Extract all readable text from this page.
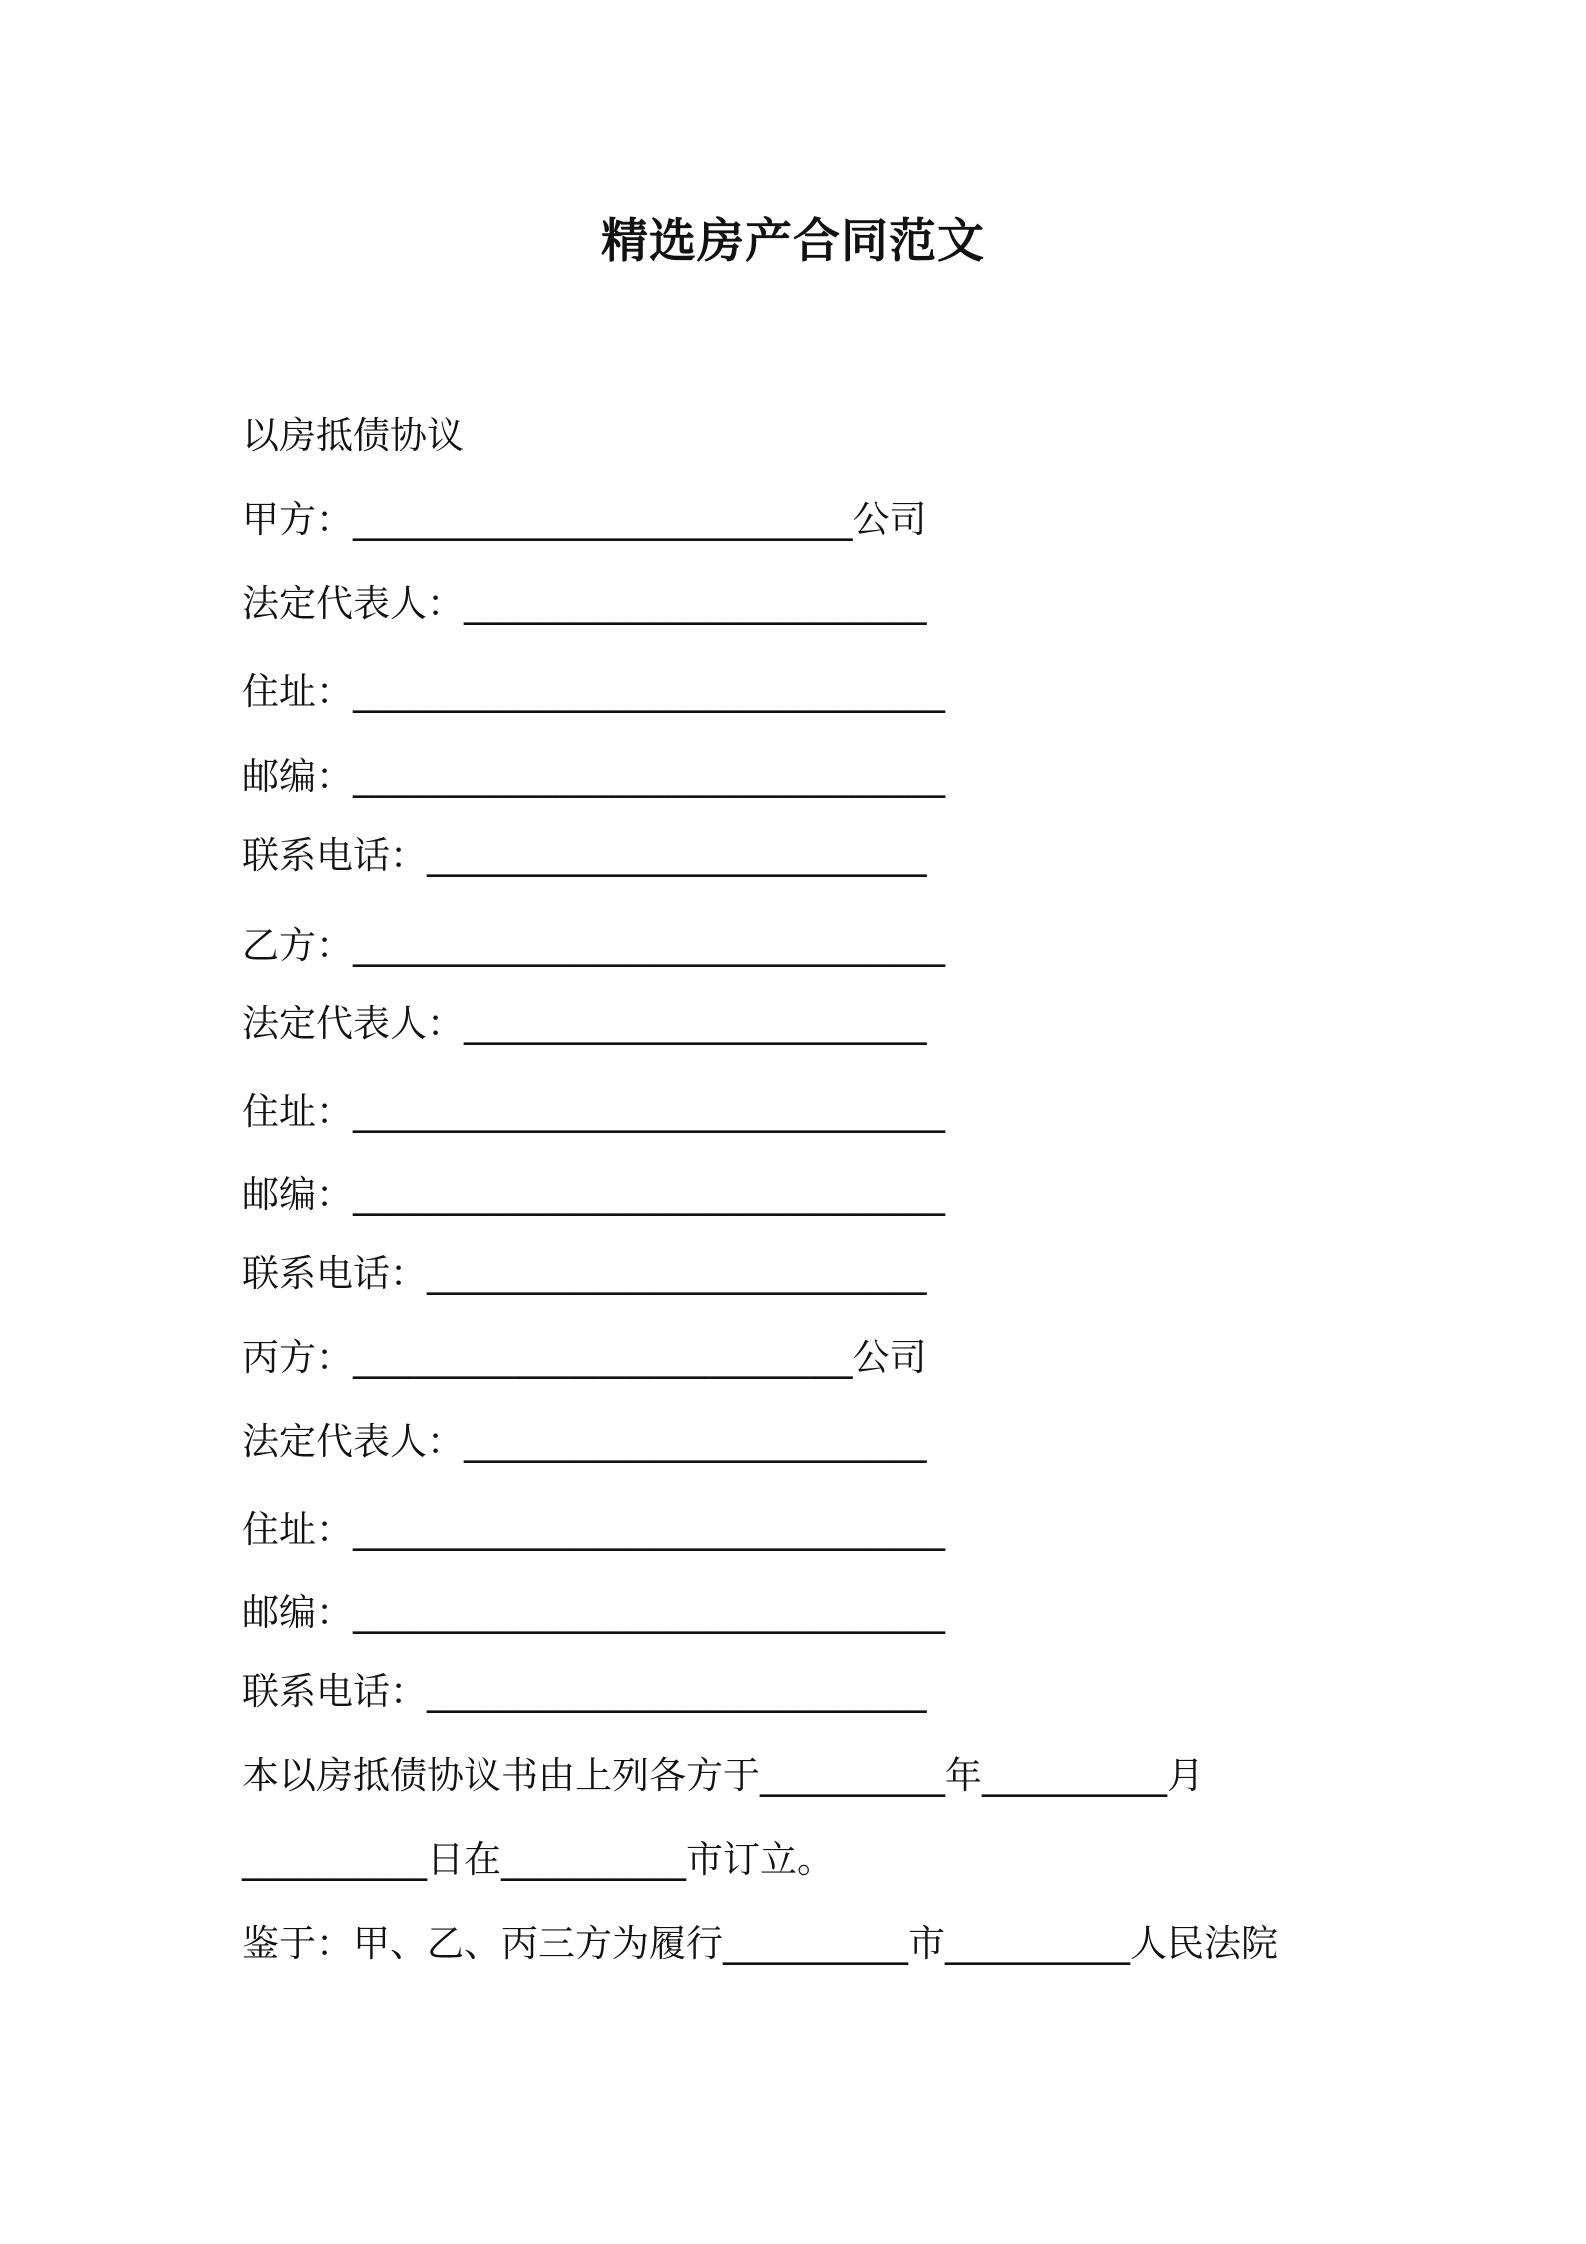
精选房产合同范文
以房抵债协议
甲方：___________________________公司
法定代表人：_________________________
住址：________________________________
邮编：________________________________
联系电话：___________________________
乙方：________________________________
法定代表人：_________________________
住址：________________________________
邮编：________________________________
联系电话：___________________________
丙方：___________________________公司
法定代表人：_________________________
住址：________________________________
邮编：________________________________
联系电话：___________________________
本以房抵债协议书由上列各方于__________年__________月
__________日在__________市订立。
鉴于：甲、乙、丙三方为履行__________市__________人民法院
